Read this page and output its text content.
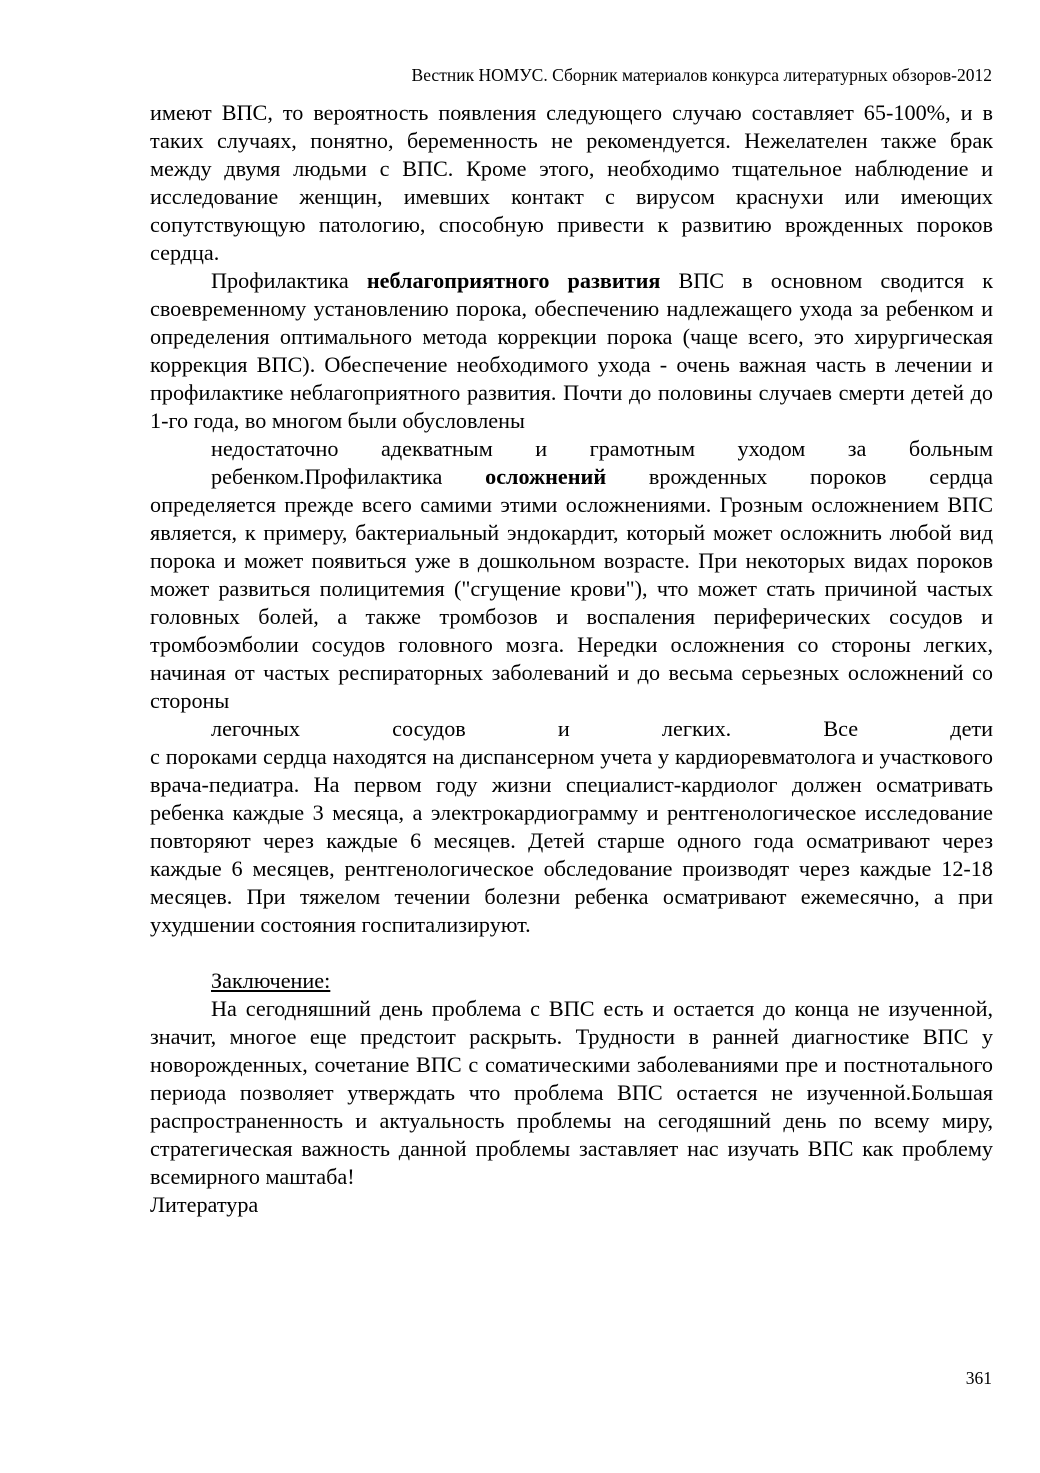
Вестник НОМУС. Сборник материалов конкурса литературных обзоров-2012

имеют ВПС, то вероятность появления следующего случаю составляет 65-100%, и в таких случаях, понятно, беременность не рекомендуется. Нежелателен также брак между двумя людьми с ВПС. Кроме этого, необходимо тщательное наблюдение и исследование женщин, имевших контакт с вирусом краснухи или имеющих сопутствующую патологию, способную привести к развитию врожденных пороков сердца.

Профилактика неблагоприятного развития ВПС в основном сводится к своевременному установлению порока, обеспечению надлежащего ухода за ребенком и определения оптимального метода коррекции порока (чаще всего, это хирургическая коррекция ВПС). Обеспечение необходимого ухода - очень важная часть в лечении и профилактике неблагоприятного развития. Почти до половины случаев смерти детей до 1-го года, во многом были обусловлены
недостаточно адекватным и грамотным уходом за больным
ребенком.Профилактика осложнений врожденных пороков сердца
определяется прежде всего самими этими осложнениями. Грозным осложнением ВПС является, к примеру, бактериальный эндокардит, который может осложнить любой вид порока и может появиться уже в дошкольном возрасте. При некоторых видах пороков может развиться полицитемия ("сгущение крови"), что может стать причиной частых головных болей, а также тромбозов и воспаления периферических сосудов и тромбоэмболии сосудов головного мозга. Нередки осложнения со стороны легких, начиная от частых респираторных заболеваний и до весьма серьезных осложнений со стороны
легочных сосудов и легких.	Все дети

с пороками сердца находятся на диспансерном учета у кардиоревматолога и участкового врача-педиатра. На первом году жизни специалист-кардиолог должен осматривать ребенка каждые 3 месяца, а электрокардиограмму и рентгенологическое исследование повторяют через каждые 6 месяцев. Детей старше одного года осматривают через каждые 6 месяцев, рентгенологическое обследование производят через каждые 12-18 месяцев. При тяжелом течении болезни ребенка осматривают ежемесячно, а при ухудшении состояния госпитализируют.

Заключение:

На сегодняшний день проблема с ВПС есть и остается до конца не изученной, значит, многое еще предстоит раскрыть. Трудности в ранней диагностике ВПС у новорожденных, сочетание ВПС с соматическими заболеваниями пре и постнотального периода позволяет утверждать что проблема ВПС остается не изученной.Большая распространенность и актуальность проблемы на сегодяшний день по всему миру, стратегическая важность данной проблемы заставляет нас изучать ВПС как проблему всемирного маштаба!

Литература

361
